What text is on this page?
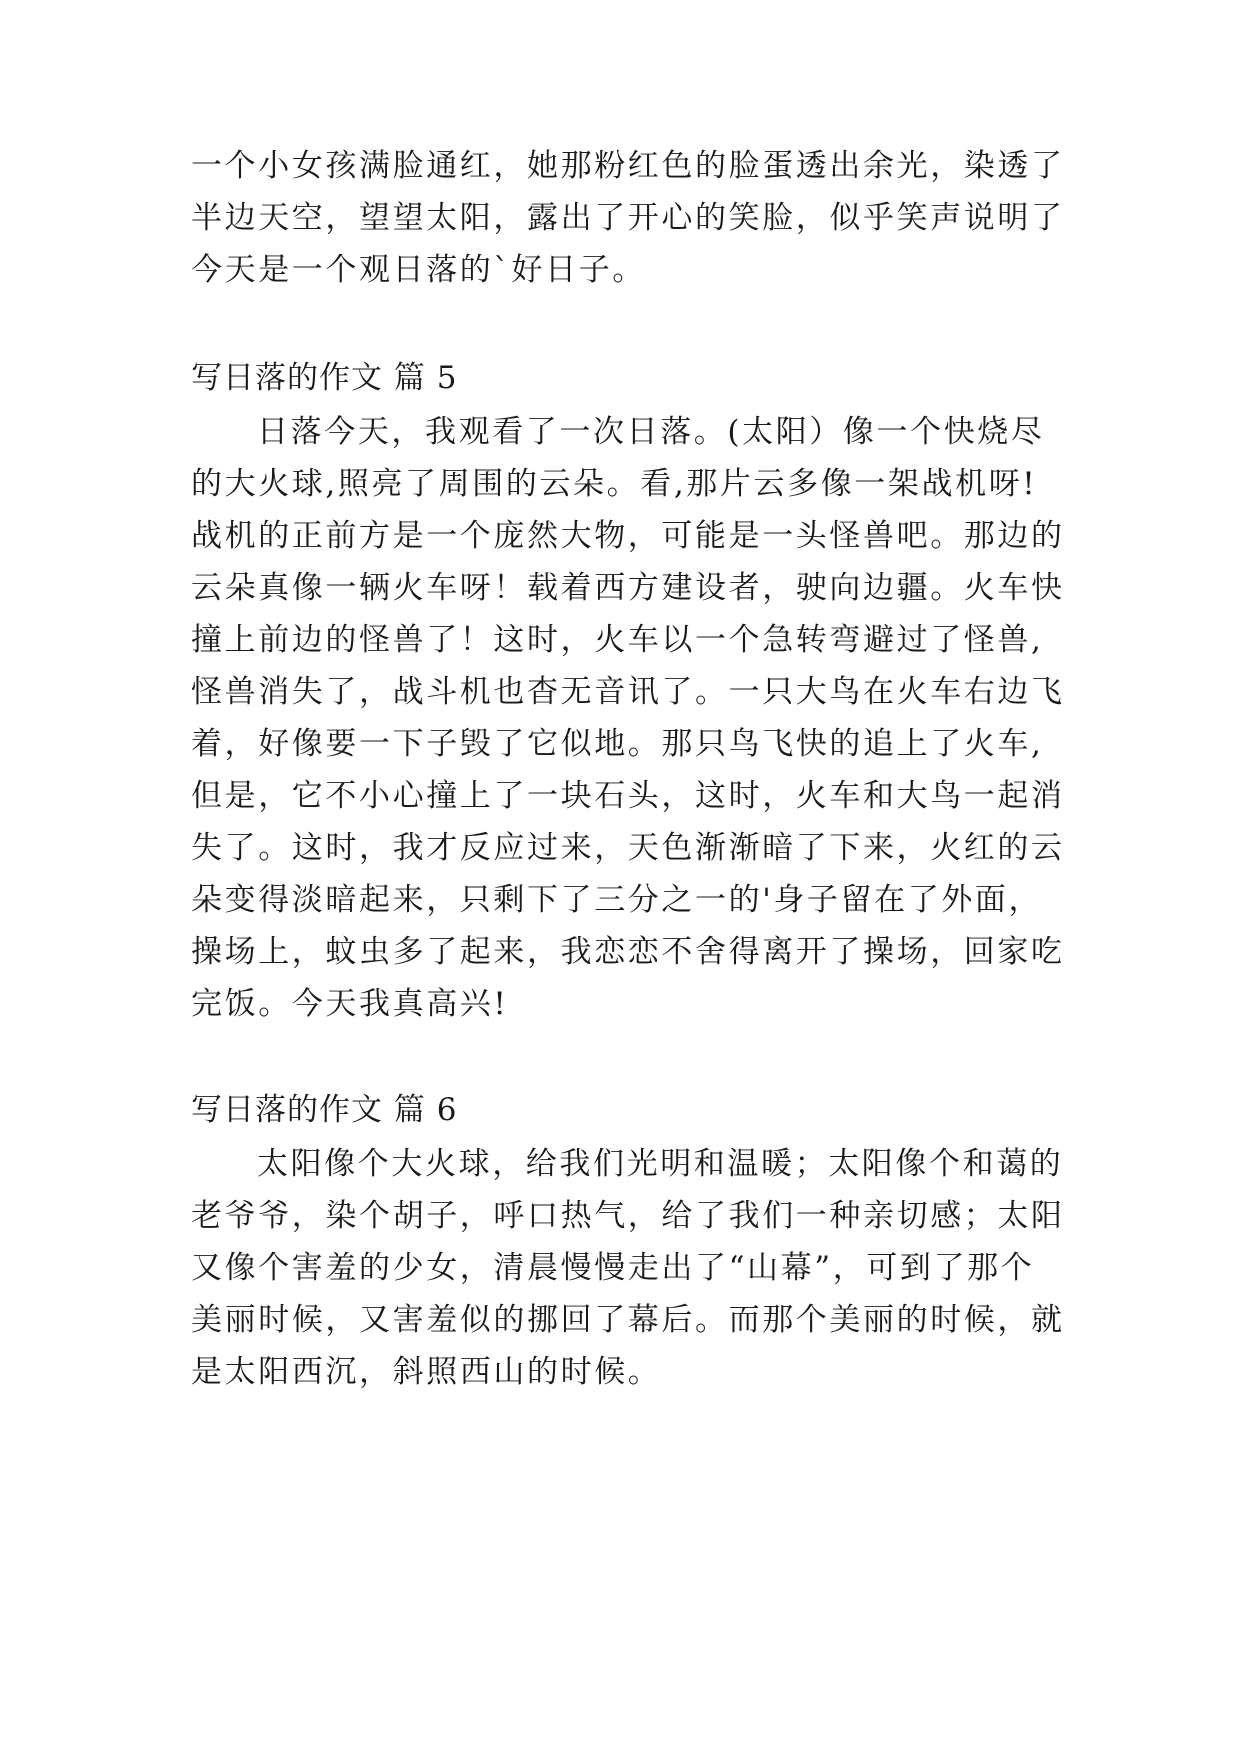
一个小女孩满脸通红，她那粉红色的脸蛋透出余光，染透了
半边天空，望望太阳，露出了开心的笑脸，似乎笑声说明了
今天是一个观日落的`好日子。
写日落的作文 篇 5
日落今天，我观看了一次日落。(太阳）像一个快烧尽
的大火球,照亮了周围的云朵。看,那片云多像一架战机呀!
战机的正前方是一个庞然大物，可能是一头怪兽吧。那边的
云朵真像一辆火车呀！载着西方建设者，驶向边疆。火车快
撞上前边的怪兽了！这时，火车以一个急转弯避过了怪兽,
怪兽消失了，战斗机也杳无音讯了。一只大鸟在火车右边飞
着，好像要一下子毁了它似地。那只鸟飞快的追上了火车,
但是，它不小心撞上了一块石头，这时，火车和大鸟一起消
失了。这时，我才反应过来，天色渐渐暗了下来，火红的云
朵变得淡暗起来，只剩下了三分之一的'身子留在了外面，
操场上，蚊虫多了起来，我恋恋不舍得离开了操场，回家吃
完饭。今天我真高兴!
写日落的作文 篇 6
太阳像个大火球，给我们光明和温暖；太阳像个和蔼的
老爷爷，染个胡子，呼口热气，给了我们一种亲切感；太阳
又像个害羞的少女，清晨慢慢走出了“山幕”，可到了那个
美丽时候，又害羞似的挪回了幕后。而那个美丽的时候，就
是太阳西沉，斜照西山的时候。
